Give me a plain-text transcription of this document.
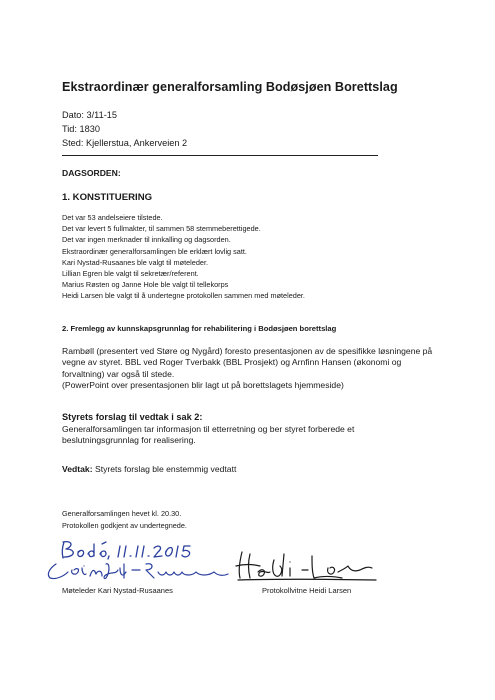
Ekstraordinær generalforsamling Bodøsjøen Borettslag
Dato: 3/11-15
Tid: 1830
Sted: Kjellerstua, Ankerveien 2
DAGSORDEN:
1. KONSTITUERING
Det var 53 andelseiere tilstede.
Det var levert 5 fullmakter, til sammen 58 stemmeberettigede.
Det var ingen merknader til innkalling og dagsorden.
Ekstraordinær generalforsamlingen ble erklært lovlig satt.
Kari Nystad-Rusaanes ble valgt til møteleder.
Lillian Egren ble valgt til sekretær/referent.
Marius Røsten og Janne Hole ble valgt til tellekorps
Heidi Larsen ble valgt til å undertegne protokollen sammen med møteleder.
2. Fremlegg av kunnskapsgrunnlag for rehabilitering i Bodøsjøen borettslag
Rambøll (presentert ved Støre og Nygård) foresto presentasjonen av de spesifikke løsningene på
vegne av styret. BBL ved Roger Tverbakk (BBL Prosjekt) og Arnfinn Hansen (økonomi og
forvaltning) var også til stede.
(PowerPoint over presentasjonen blir lagt ut på borettslagets hjemmeside)
Styrets forslag til vedtak i sak 2:
Generalforsamlingen tar informasjon til etterretning og ber styret forberede et
beslutningsgrunnlag for realisering.
Vedtak: Styrets forslag ble enstemmig vedtatt
Generalforsamlingen hevet kl. 20.30.
Protokollen godkjent av undertegnede.
Møteleder Kari Nystad-Rusaanes	Protokollvitne Heidi Larsen
